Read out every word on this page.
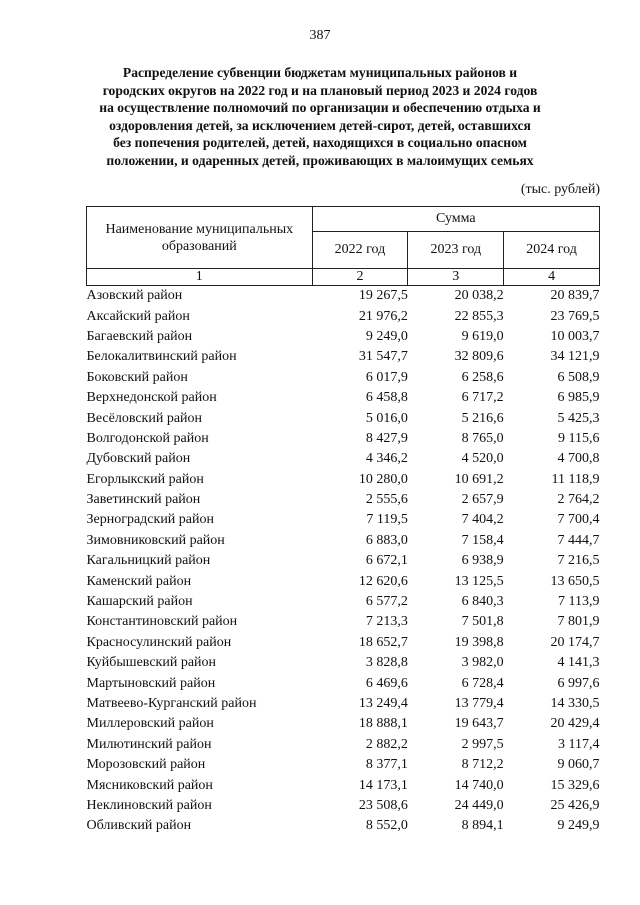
387
Распределение субвенции бюджетам муниципальных районов и
городских округов на 2022 год и на плановый период 2023 и 2024 годов
на осуществление полномочий по организации и обеспечению отдыха и
оздоровления детей, за исключением детей-сирот, детей, оставшихся
без попечения родителей, детей, находящихся в социально опасном
положении, и одаренных детей, проживающих в малоимущих семьях
(тыс. рублей)
Наименование муниципальных образований	Сумма		
	2022 год	2023 год	2024 год
1	2	3	4
Азовский район	19 267,5	20 038,2	20 839,7
Аксайский район	21 976,2	22 855,3	23 769,5
Багаевский район	9 249,0	9 619,0	10 003,7
Белокалитвинский район	31 547,7	32 809,6	34 121,9
Боковский район	6 017,9	6 258,6	6 508,9
Верхнедонской район	6 458,8	6 717,2	6 985,9
Весёловский район	5 016,0	5 216,6	5 425,3
Волгодонской район	8 427,9	8 765,0	9 115,6
Дубовский район	4 346,2	4 520,0	4 700,8
Егорлыкский район	10 280,0	10 691,2	11 118,9
Заветинский район	2 555,6	2 657,9	2 764,2
Зерноградский район	7 119,5	7 404,2	7 700,4
Зимовниковский район	6 883,0	7 158,4	7 444,7
Кагальницкий район	6 672,1	6 938,9	7 216,5
Каменский район	12 620,6	13 125,5	13 650,5
Кашарский район	6 577,2	6 840,3	7 113,9
Константиновский район	7 213,3	7 501,8	7 801,9
Красносулинский район	18 652,7	19 398,8	20 174,7
Куйбышевский район	3 828,8	3 982,0	4 141,3
Мартыновский район	6 469,6	6 728,4	6 997,6
Матвеево-Курганский район	13 249,4	13 779,4	14 330,5
Миллеровский район	18 888,1	19 643,7	20 429,4
Милютинский район	2 882,2	2 997,5	3 117,4
Морозовский район	8 377,1	8 712,2	9 060,7
Мясниковский район	14 173,1	14 740,0	15 329,6
Неклиновский район	23 508,6	24 449,0	25 426,9
Обливский район	8 552,0	8 894,1	9 249,9
